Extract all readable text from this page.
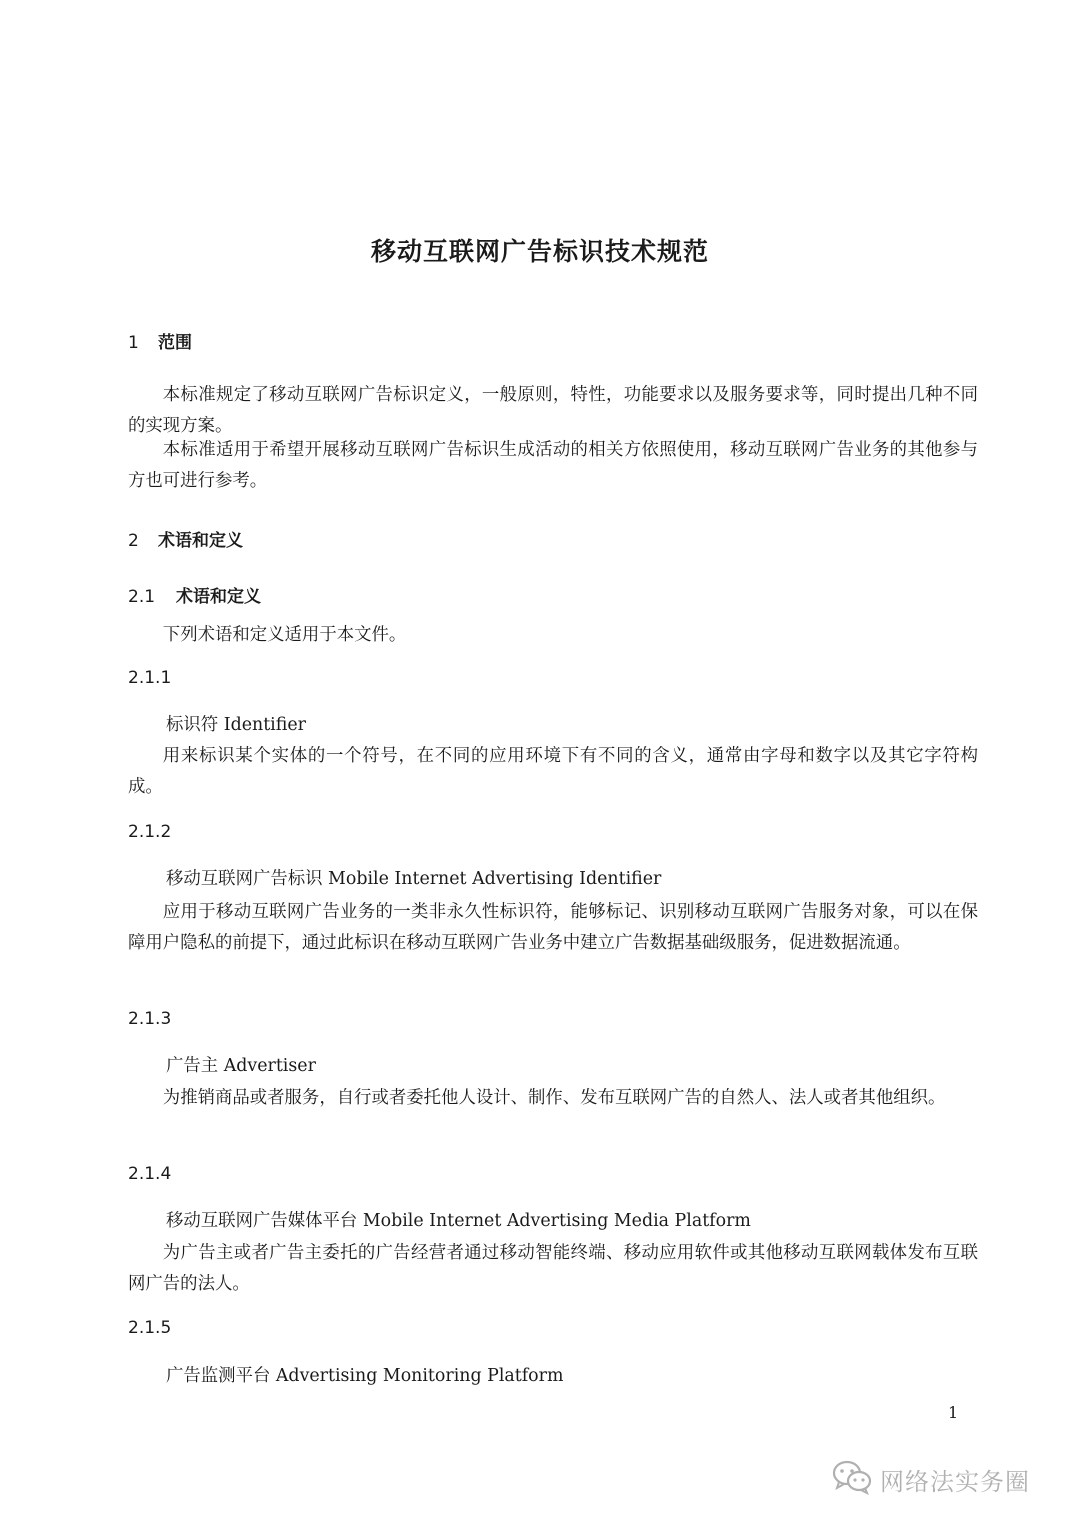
移动互联网广告标识技术规范
1 范围
本标准规定了移动互联网广告标识定义，一般原则，特性，功能要求以及服务要求等，同时提出几种不同的实现方案。
本标准适用于希望开展移动互联网广告标识生成活动的相关方依照使用，移动互联网广告业务的其他参与方也可进行参考。
2 术语和定义
2.1 术语和定义
下列术语和定义适用于本文件。
2.1.1
标识符 Identifier
用来标识某个实体的一个符号，在不同的应用环境下有不同的含义，通常由字母和数字以及其它字符构成。
2.1.2
移动互联网广告标识 Mobile Internet Advertising Identifier
应用于移动互联网广告业务的一类非永久性标识符，能够标记、识别移动互联网广告服务对象，可以在保障用户隐私的前提下，通过此标识在移动互联网广告业务中建立广告数据基础级服务，促进数据流通。
2.1.3
广告主 Advertiser
为推销商品或者服务，自行或者委托他人设计、制作、发布互联网广告的自然人、法人或者其他组织。
2.1.4
移动互联网广告媒体平台 Mobile Internet Advertising Media Platform
为广告主或者广告主委托的广告经营者通过移动智能终端、移动应用软件或其他移动互联网载体发布互联网广告的法人。
2.1.5
广告监测平台 Advertising Monitoring Platform
1
网络法实务圈
